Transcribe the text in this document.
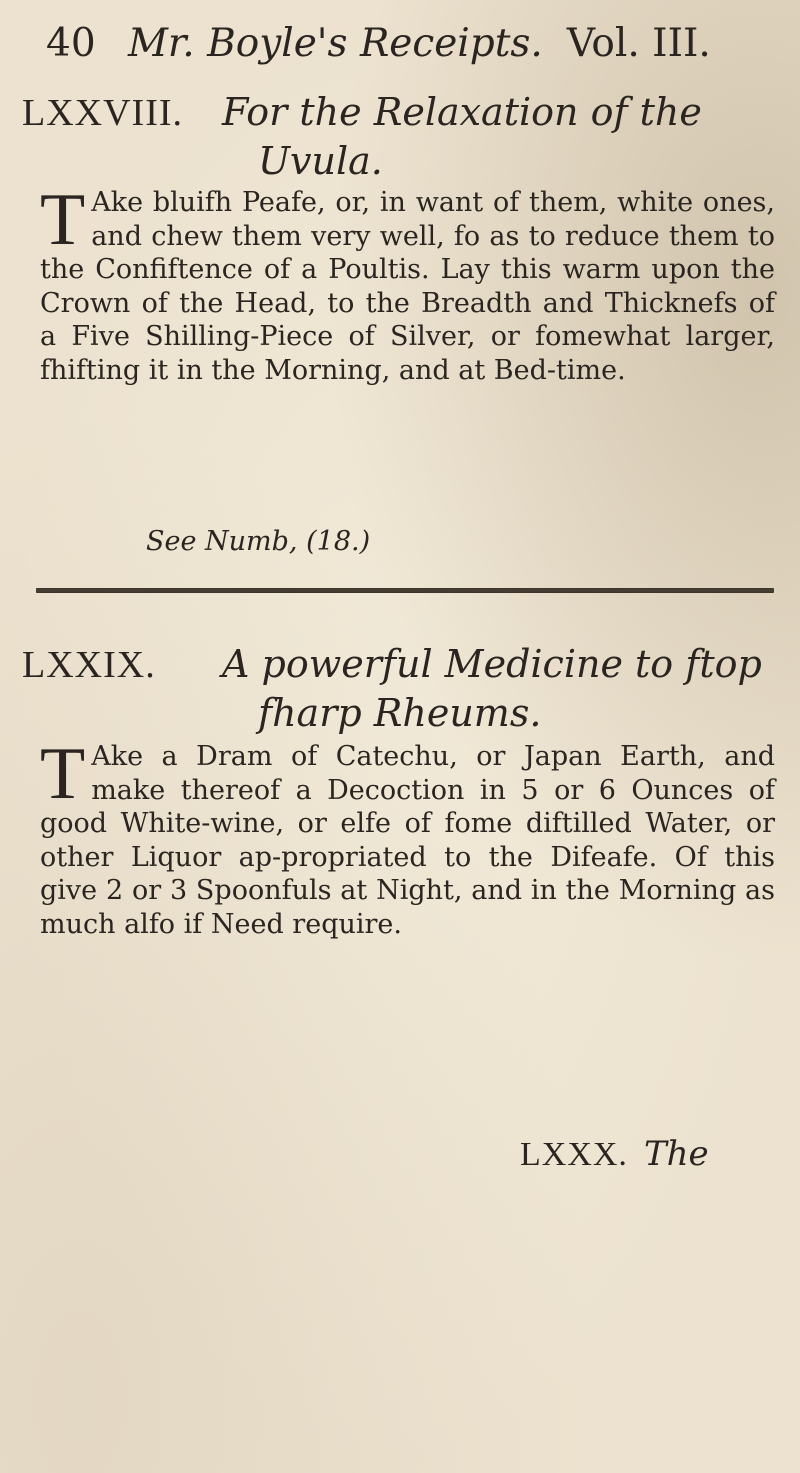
40 Mr. Boyle's Receipts. Vol. III.
LXXVIII. For the Relaxation of the
Uvula.
T Ake bluifh Peafe, or, in want of them, white ones, and chew them very well, fo as to reduce them to the Confiftence of a Poultis. Lay this warm upon the Crown of the Head, to the Breadth and Thicknefs of a Five Shilling-Piece of Silver, or fomewhat larger, fhifting it in the Morning, and at Bed-time.
See Numb, (18.)
LXXIX. A powerful Medicine to ftop
fharp Rheums.
T Ake a Dram of Catechu, or Japan Earth, and make thereof a Decoction in 5 or 6 Ounces of good White-wine, or elfe of fome diftilled Water, or other Liquor ap-propriated to the Difeafe. Of this give 2 or 3 Spoonfuls at Night, and in the Morning as much alfo if Need require.
LXXX. The
